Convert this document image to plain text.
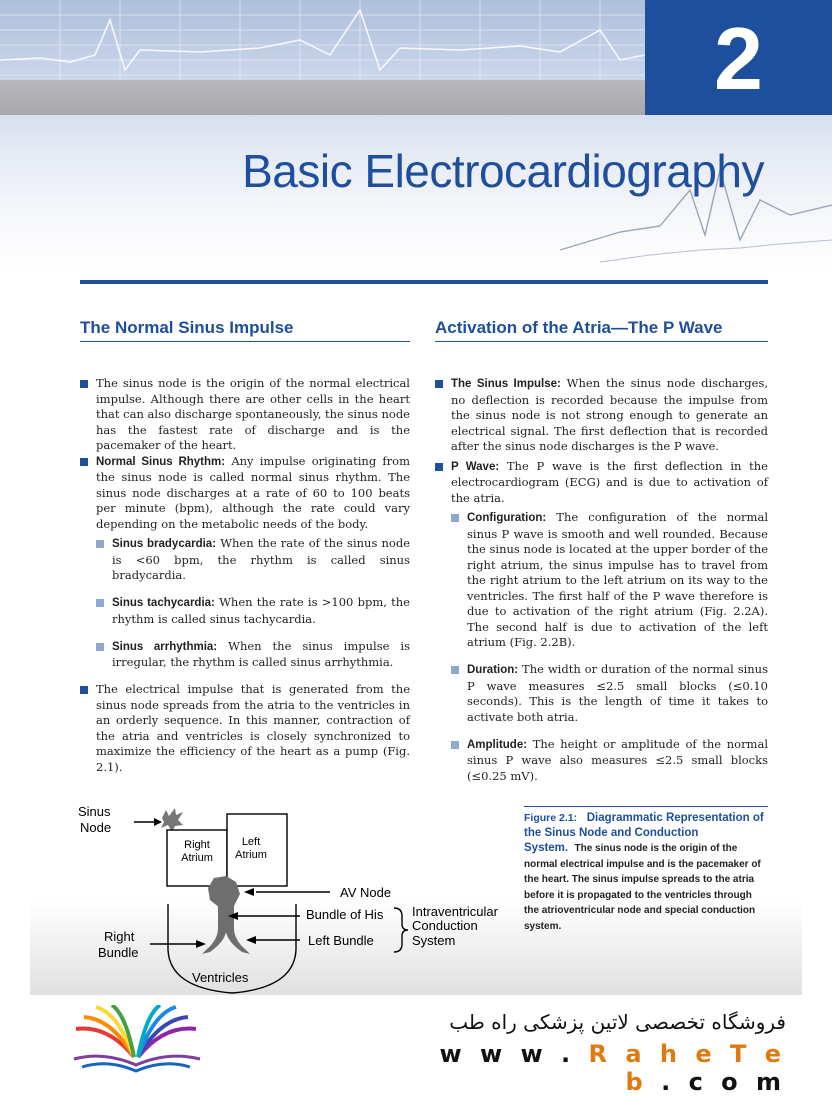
2
Basic Electrocardiography
The Normal Sinus Impulse

The sinus node is the origin of the normal electrical impulse. Although there are other cells in the heart that can also discharge spontaneously, the sinus node has the fastest rate of discharge and is the pacemaker of the heart.

Normal Sinus Rhythm: Any impulse originating from the sinus node is called normal sinus rhythm. The sinus node discharges at a rate of 60 to 100 beats per minute (bpm), although the rate could vary depending on the metabolic needs of the body.

Sinus bradycardia: When the rate of the sinus node is <60 bpm, the rhythm is called sinus bradycardia.

Sinus tachycardia: When the rate is >100 bpm, the rhythm is called sinus tachycardia.

Sinus arrhythmia: When the sinus impulse is irregular, the rhythm is called sinus arrhythmia.

The electrical impulse that is generated from the sinus node spreads from the atria to the ventricles in an orderly sequence. In this manner, contraction of the atria and ventricles is closely synchronized to maximize the efficiency of the heart as a pump (Fig. 2.1).

Activation of the Atria—The P Wave

The Sinus Impulse: When the sinus node discharges, no deflection is recorded because the impulse from the sinus node is not strong enough to generate an electrical signal. The first deflection that is recorded after the sinus node discharges is the P wave.

P Wave: The P wave is the first deflection in the electrocardiogram (ECG) and is due to activation of the atria.

Configuration: The configuration of the normal sinus P wave is smooth and well rounded. Because the sinus node is located at the upper border of the right atrium, the sinus impulse has to travel from the right atrium to the left atrium on its way to the ventricles. The first half of the P wave therefore is due to activation of the right atrium (Fig. 2.2A). The second half is due to activation of the left atrium (Fig. 2.2B).

Duration: The width or duration of the normal sinus P wave measures ≤2.5 small blocks (≤0.10 seconds). This is the length of time it takes to activate both atria.

Amplitude: The height or amplitude of the normal sinus P wave also measures ≤2.5 small blocks (≤0.25 mV).

Sinus
Node
Right
Atrium
Left
Atrium
AV Node
Bundle of His
Left Bundle
Right
Bundle
Ventricles
Intraventricular
Conduction
System
Figure 2.1: Diagrammatic Representation of the Sinus Node and Conduction System. The sinus node is the origin of the normal electrical impulse and is the pacemaker of the heart. The sinus impulse spreads to the atria before it is propagated to the ventricles through the atrioventricular node and special conduction system.
فروشگاه تخصصی لاتین پزشکی راه طب
w w w . R a h e T e b . c o m
